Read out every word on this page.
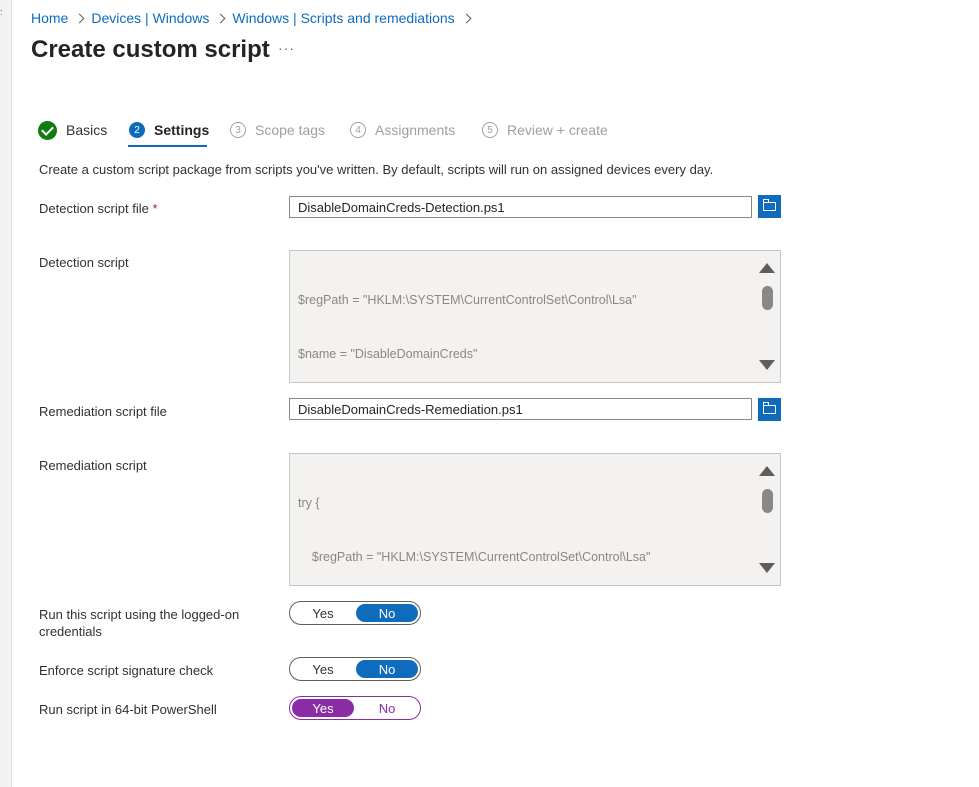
: Home Devices | Windows Windows | Scripts and remediations
Create custom script ···
Basics	2	Settings	3	Scope tags	4	Assignments	5	Review + create
Create a custom script package from scripts you've written. By default, scripts will run on assigned devices every day.
Detection script file *
DisableDomainCreds-Detection.ps1
Detection script

$regPath = "HKLM:\SYSTEM\CurrentControlSet\Control\Lsa"

$name = "DisableDomainCreds"

Remediation script file
DisableDomainCreds-Remediation.ps1
Remediation script

try {

$regPath = "HKLM:\SYSTEM\CurrentControlSet\Control\Lsa"

Run this script using the logged-on
credentials
Yes	No
Enforce script signature check	Yes	No
Run script in 64-bit PowerShell	Yes	No
